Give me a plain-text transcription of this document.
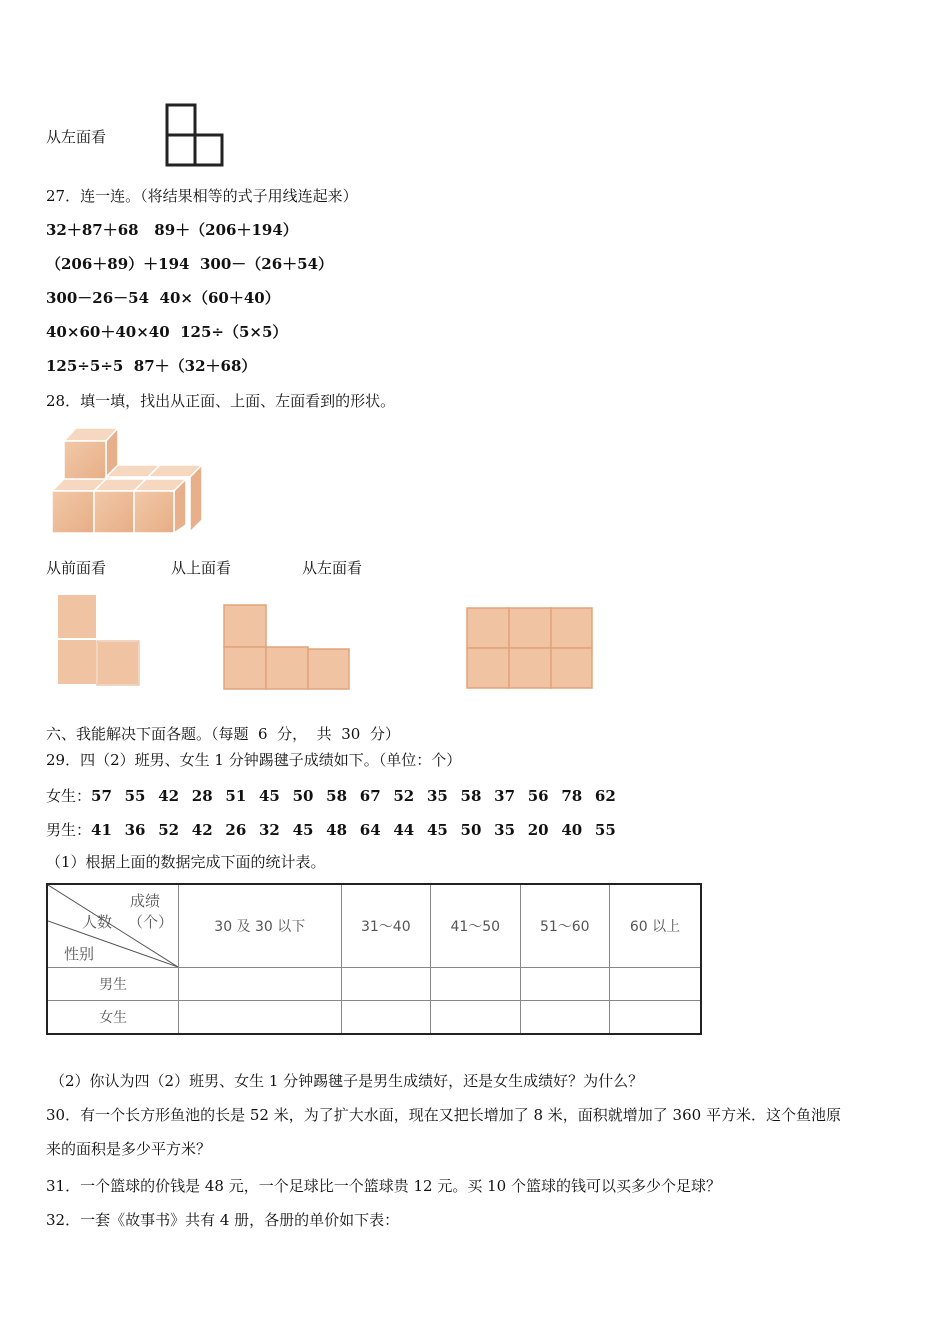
从左面看
27．连一连。（将结果相等的式子用线连起来）
32＋87＋68 89＋（206＋194）
（206＋89）＋194 300－（26＋54）
300－26－54 40×（60＋40）
40×60＋40×40 125÷（5×5）
125÷5÷5 87＋（32＋68）
28．填一填，找出从正面、上面、左面看到的形状。
从前面看	从上面看	从左面看
六、我能解决下面各题。（每题  6  分，  共  30  分）
29．四（2）班男、女生 1 分钟踢毽子成绩如下。（单位：个）
女生：57 55 42 28 51 45 50 58 67 52 35 58 37 56 78 62
男生：41 36 52 42 26 32 45 48 64 44 45 50 35 20 40 55
（1）根据上面的数据完成下面的统计表。
成绩
（个）
人数
性别	30 及 30 以下	31～40	41～50	51～60	60 以上
男生					
女生					
（2）你认为四（2）班男、女生 1 分钟踢毽子是男生成绩好，还是女生成绩好？为什么？
30．有一个长方形鱼池的长是 52 米，为了扩大水面，现在又把长增加了 8 米，面积就增加了 360 平方米．这个鱼池原
来的面积是多少平方米？
31．一个篮球的价钱是 48 元，一个足球比一个篮球贵 12 元。买 10 个篮球的钱可以买多少个足球？
32．一套《故事书》共有 4 册，各册的单价如下表：
